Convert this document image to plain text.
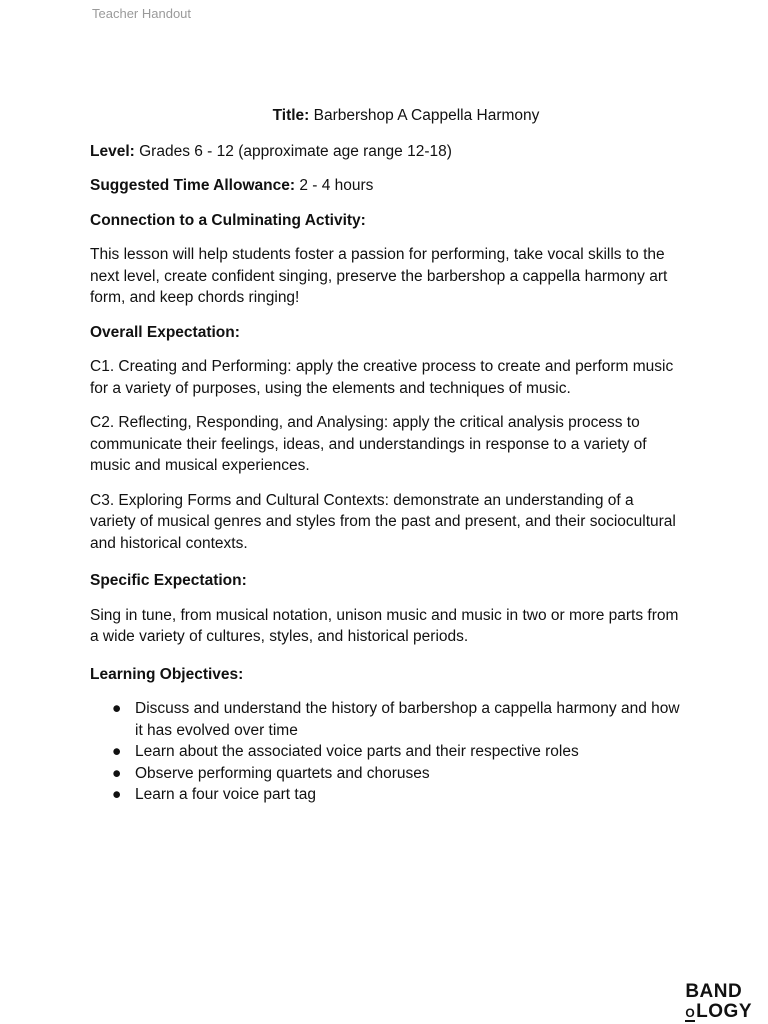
Teacher Handout
Title: Barbershop A Cappella Harmony
Level: Grades 6 - 12 (approximate age range 12-18)
Suggested Time Allowance: 2 - 4 hours
Connection to a Culminating Activity:
This lesson will help students foster a passion for performing, take vocal skills to the next level, create confident singing, preserve the barbershop a cappella harmony art form, and keep chords ringing!
Overall Expectation:
C1. Creating and Performing: apply the creative process to create and perform music for a variety of purposes, using the elements and techniques of music.
C2. Reflecting, Responding, and Analysing: apply the critical analysis process to communicate their feelings, ideas, and understandings in response to a variety of music and musical experiences.
C3. Exploring Forms and Cultural Contexts: demonstrate an understanding of a variety of musical genres and styles from the past and present, and their sociocultural and historical contexts.
Specific Expectation:
Sing in tune, from musical notation, unison music and music in two or more parts from a wide variety of cultures, styles, and historical periods.
Learning Objectives:
● Discuss and understand the history of barbershop a cappella harmony and how it has evolved over time
● Learn about the associated voice parts and their respective roles
● Observe performing quartets and choruses
● Learn a four voice part tag
BAND
O LOGY
